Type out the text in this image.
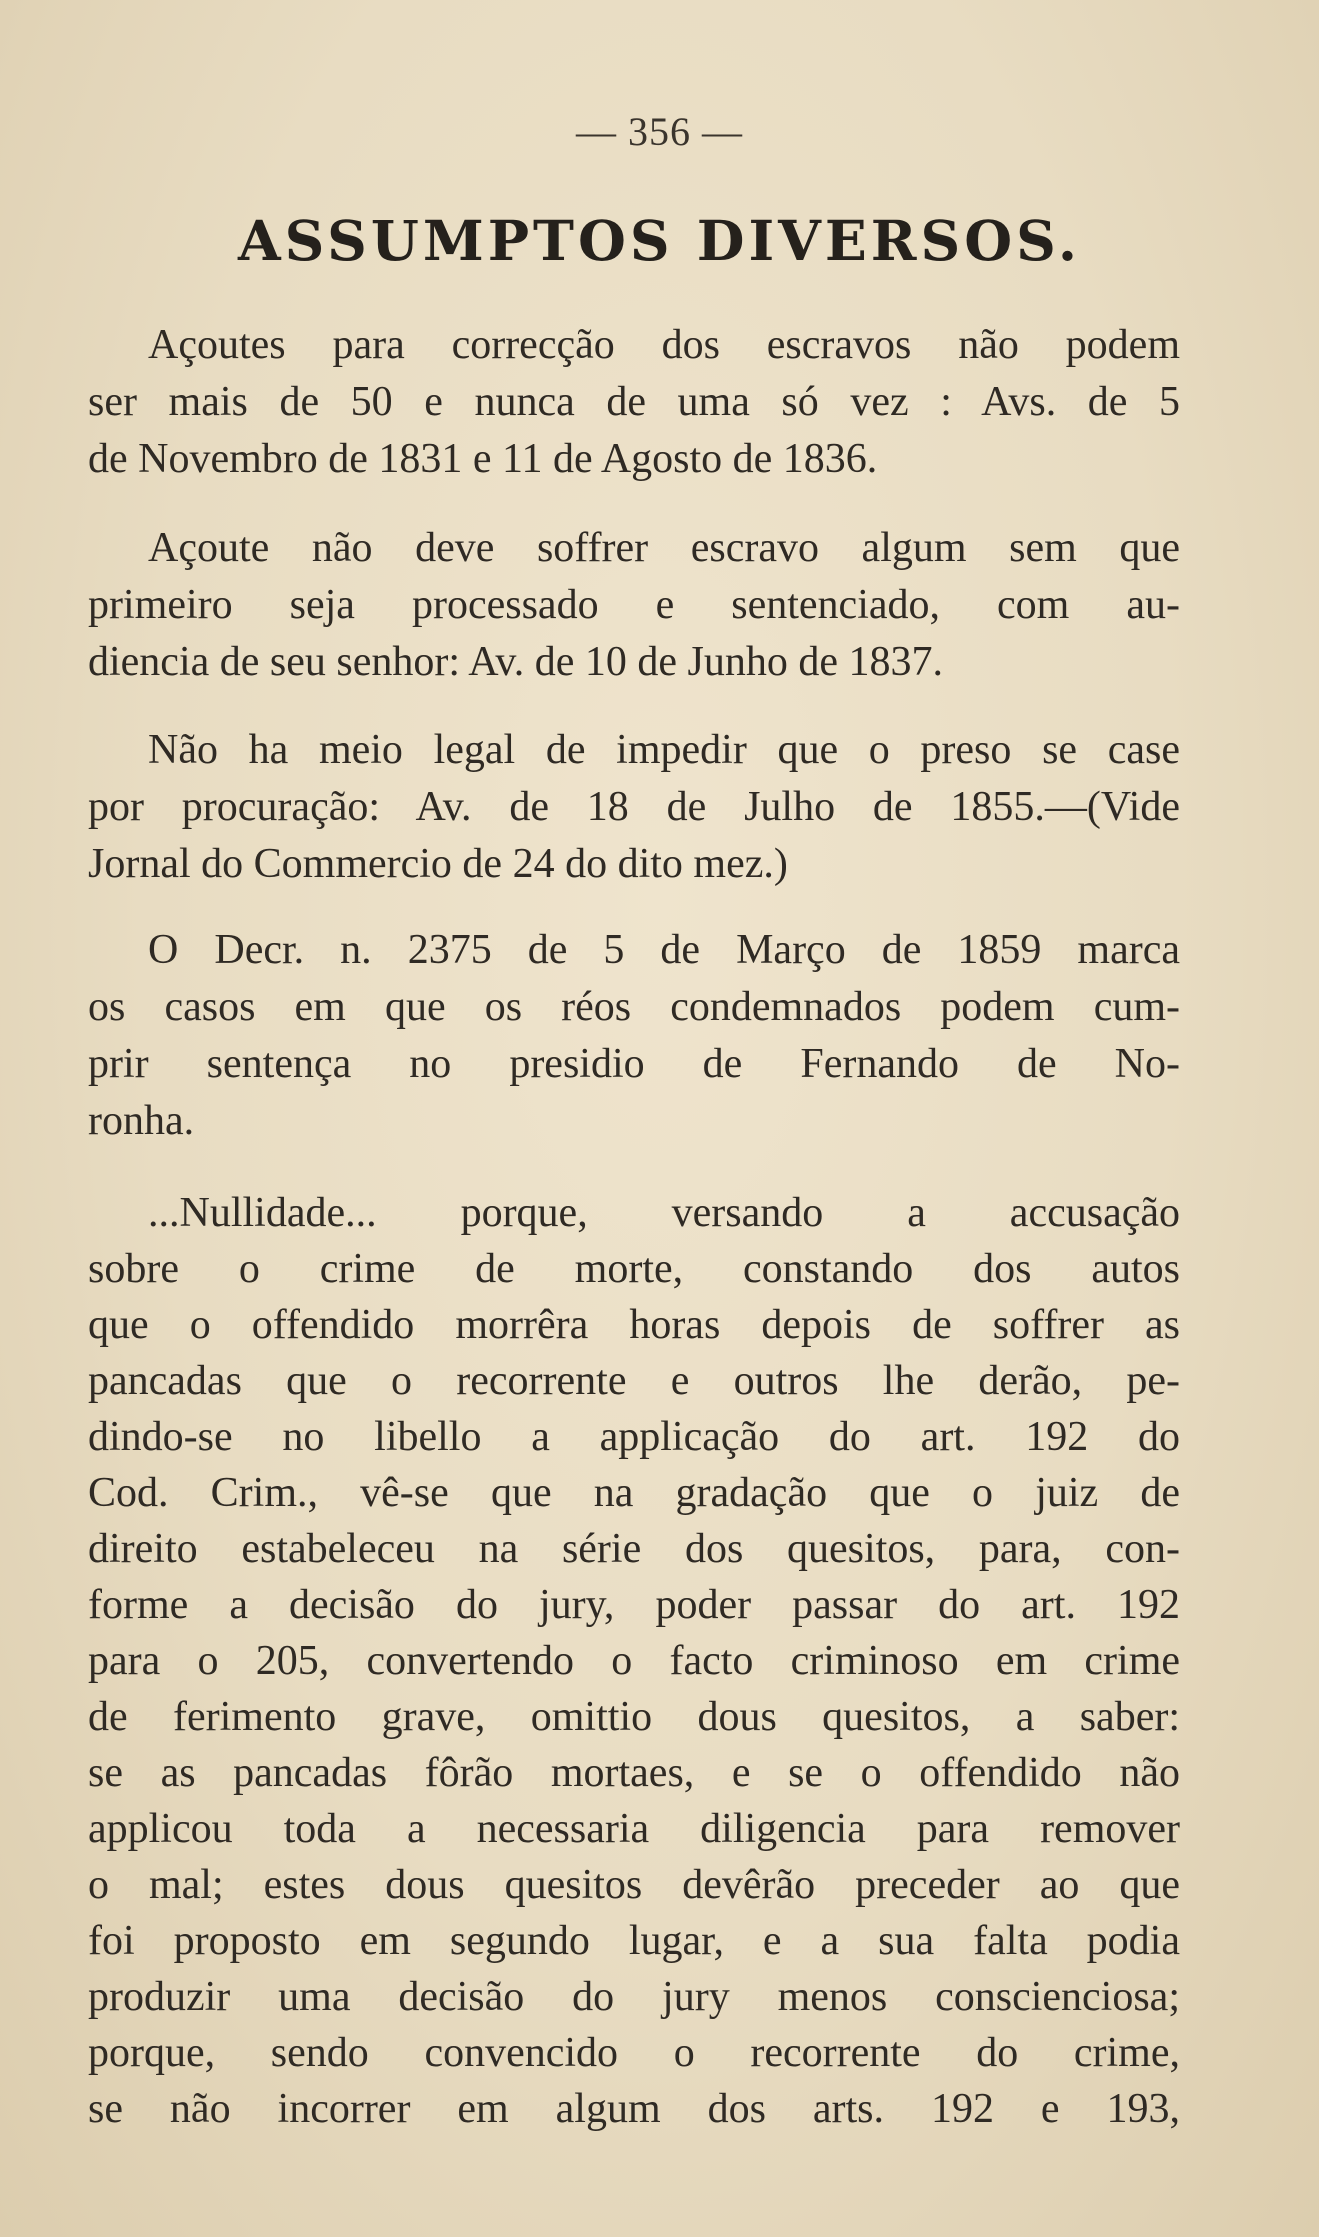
— 356 —
ASSUMPTOS DIVERSOS.
Açoutes para correcção dos escravos não podem
ser mais de 50 e nunca de uma só vez : Avs. de 5
de Novembro de 1831 e 11 de Agosto de 1836.
Açoute não deve soffrer escravo algum sem que
primeiro seja processado e sentenciado, com au-
diencia de seu senhor: Av. de 10 de Junho de 1837.
Não ha meio legal de impedir que o preso se case
por procuração: Av. de 18 de Julho de 1855.—(Vide
Jornal do Commercio de 24 do dito mez.)
O Decr. n. 2375 de 5 de Março de 1859 marca
os casos em que os réos condemnados podem cum-
prir sentença no presidio de Fernando de No-
ronha.
...Nullidade... porque, versando a accusação
sobre o crime de morte, constando dos autos
que o offendido morrêra horas depois de soffrer as
pancadas que o recorrente e outros lhe derão, pe-
dindo-se no libello a applicação do art. 192 do
Cod. Crim., vê-se que na gradação que o juiz de
direito estabeleceu na série dos quesitos, para, con-
forme a decisão do jury, poder passar do art. 192
para o 205, convertendo o facto criminoso em crime
de ferimento grave, omittio dous quesitos, a saber:
se as pancadas fôrão mortaes, e se o offendido não
applicou toda a necessaria diligencia para remover
o mal; estes dous quesitos devêrão preceder ao que
foi proposto em segundo lugar, e a sua falta podia
produzir uma decisão do jury menos conscienciosa;
porque, sendo convencido o recorrente do crime,
se não incorrer em algum dos arts. 192 e 193,
